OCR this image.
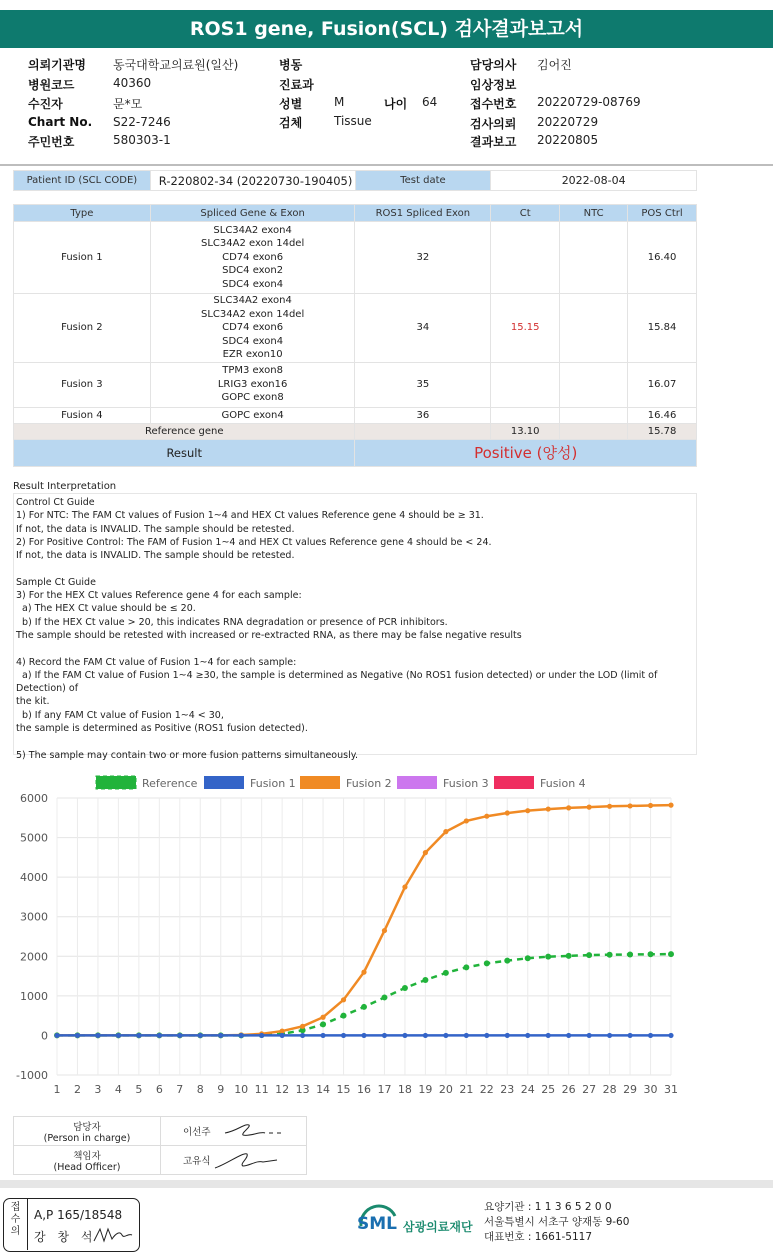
ROS1 gene, Fusion(SCL) 검사결과보고서
의뢰기관명 동국대학교의료원(일산)
병원코드	40360
수진자	문*모
Chart No. S22-7246
주민번호	580303-1
병동
진료과
성별	M	나이 64
검체	Tissue
담당의사 김어진
임상정보
접수번호 20220729-08769
검사의뢰 20220729
결과보고 20220805
Patient ID (SCL CODE)	R-220802-34 (20220730-190405)	Test date	2022-08-04
Type	Spliced Gene & Exon	ROS1 Spliced Exon	Ct	NTC	POS Ctrl
Fusion 1	SLC34A2 exon4
SLC34A2 exon 14del
CD74 exon6
SDC4 exon2
SDC4 exon4	32			16.40
Fusion 2	SLC34A2 exon4
SLC34A2 exon 14del
CD74 exon6
SDC4 exon4
EZR exon10	34	15.15		15.84
Fusion 3	TPM3 exon8
LRIG3 exon16
GOPC exon8	35			16.07
Fusion 4	GOPC exon4	36			16.46
Reference gene			13.10		15.78
Result		Positive (양성)			
Result Interpretation
Control Ct Guide
1) For NTC: The FAM Ct values of Fusion 1~4 and HEX Ct values Reference gene 4 should be ≥ 31.
If not, the data is INVALID. The sample should be retested.
2) For Positive Control: The FAM of Fusion 1~4 and HEX Ct values Reference gene 4 should be < 24.
If not, the data is INVALID. The sample should be retested.

Sample Ct Guide
3) For the HEX Ct values Reference gene 4 for each sample:
a) The HEX Ct value should be ≤ 20.
b) If the HEX Ct value > 20, this indicates RNA degradation or presence of PCR inhibitors.
The sample should be retested with increased or re-extracted RNA, as there may be false negative results

4) Record the FAM Ct value of Fusion 1~4 for each sample:
a) If the FAM Ct value of Fusion 1~4 ≥30, the sample is determined as Negative (No ROS1 fusion detected) or under the LOD (limit of Detection) of
the kit.
b) If any FAM Ct value of Fusion 1~4 < 30,
the sample is determined as Positive (ROS1 fusion detected).

5) The sample may contain two or more fusion patterns simultaneously.
-1000
0
1000
2000
3000
4000
5000
6000
1 2 3 4 5 6 7 8 9 10 11 12 13 14 15 16 17 18 19 20 21 22 23 24 25 26 27 28 29 30 31
Reference	Fusion 1	Fusion 2	Fusion 3	Fusion 4
담당자
(Person in charge)	이선주

책임자
(Head Officer)	고유식
접
수
의
A,P 165/18548
강 창 석
SML 삼광의료재단
요양기관 : 1 1 3 6 5 2 0 0
서울특별시 서초구 양재동 9-60
대표번호 : 1661-5117
